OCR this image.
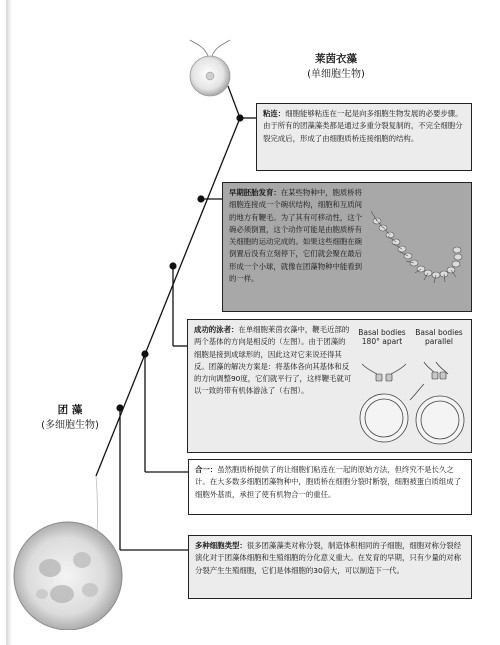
莱茵衣藻
(单细胞生物)
团 藻
(多细胞生物)
粘连：细胞能够粘连在一起是向多细胞生物发展的必要步骤。由于所有的团藻藻类都是通过多重分裂复制的，不完全细胞分裂完成后，形成了由细胞质桥连接细胞的结构。
早期胚胎发育：在某些物种中，胞质桥将细胞连接成一个碗状结构，细胞和互质间的地方有鞭毛。为了其有可移动性，这个碗必须倒置，这个动作可能是由胞质桥有关细胞的运动完成的。如果这些细胞在碗倒置后没有立刻停下，它们就会聚在最后形成一个小球，就像在团藻物种中能看到的一样。
成功的泳者：在单细胞莱茵衣藻中，鞭毛近部的两个基体的方向是相反的（左图）。由于团藻的细胞是接到成球形的，因此这对它来说还得其反。团藻的解决方案是：将基体各向其基体和反的方向调整90度，它们就平行了，这样鞭毛就可以一致的带有机体游泳了（右图）。
Basal bodies
180° apart
Basal bodies
parallel
合一：虽然胞质桥提供了的让细胞们粘连在一起的原始方法，但终究不是长久之计。在大多数多细胞团藻物种中，胞质桥在细胞分裂时断裂，细胞被蛋白质组成了细胞外基质，承担了使有机物合一的重任。
多种细胞类型：很多团藻藻类对称分裂，制造体积相同的子细胞，细胞对称分裂经演化对于团藻体细胞和生殖细胞的分化意义重大。在发育的早期，只有少量的对称分裂产生生殖细胞，它们是体细胞的30倍大，可以制造下一代。
